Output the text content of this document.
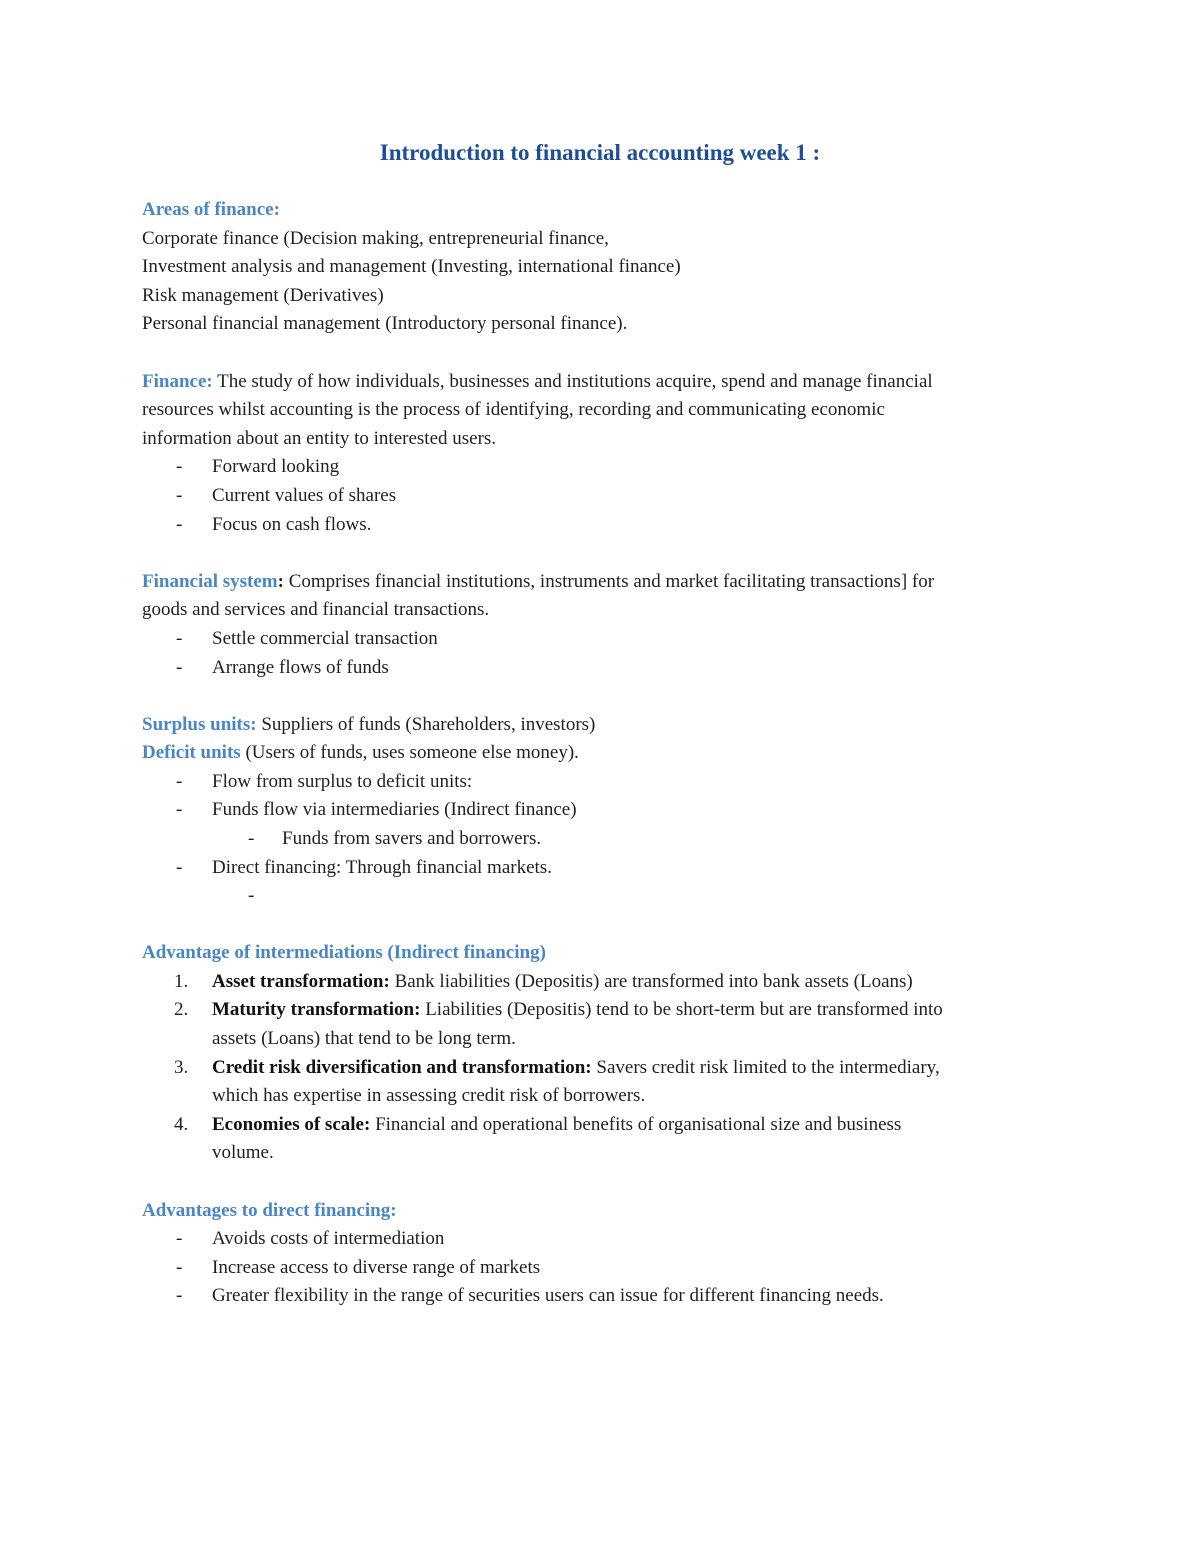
Introduction to financial accounting week 1 :

Areas of finance:

Corporate finance (Decision making, entrepreneurial finance,

Investment analysis and management (Investing, international finance)

Risk management (Derivatives)

Personal financial management (Introductory personal finance).

Finance: The study of how individuals, businesses and institutions acquire, spend and manage financial

resources whilst accounting is the process of identifying, recording and communicating economic

information about an entity to interested users.

- Forward looking
- Current values of shares
- Focus on cash flows.

Financial system: Comprises financial institutions, instruments and market facilitating transactions] for

goods and services and financial transactions.

- Settle commercial transaction
- Arrange flows of funds

Surplus units: Suppliers of funds (Shareholders, investors)

Deficit units (Users of funds, uses someone else money).

- Flow from surplus to deficit units:
- Funds flow via intermediaries (Indirect finance)
- Funds from savers and borrowers.
- Direct financing: Through financial markets.

Advantage of intermediations (Indirect financing)

1. Asset transformation: Bank liabilities (Depositis) are transformed into bank assets (Loans)
2. Maturity transformation: Liabilities (Depositis) tend to be short-term but are transformed into
assets (Loans) that tend to be long term.
3. Credit risk diversification and transformation: Savers credit risk limited to the intermediary,
which has expertise in assessing credit risk of borrowers.
4. Economies of scale: Financial and operational benefits of organisational size and business
volume.

Advantages to direct financing:

- Avoids costs of intermediation
- Increase access to diverse range of markets
- Greater flexibility in the range of securities users can issue for different financing needs.
